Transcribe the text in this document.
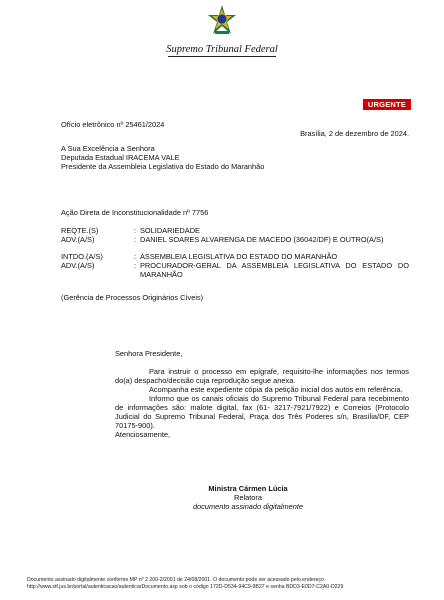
Supremo Tribunal Federal
URGENTE
Ofício eletrônico nº 25461/2024
Brasília, 2 de dezembro de 2024.
A Sua Excelência a Senhora
Deputada Estadual IRACEMA VALE
Presidente da Assembleia Legislativa do Estado do Maranhão
Ação Direta de Inconstitucionalidade nº 7756
REQTE.(S)	: SOLIDARIEDADE
ADV.(A/S)	: DANIEL SOARES ALVARENGA DE MACEDO (36042/DF) E OUTRO(A/S)
INTDO.(A/S)	: ASSEMBLEIA LEGISLATIVA DO ESTADO DO MARANHÃO
ADV.(A/S)	: PROCURADOR-GERAL DA ASSEMBLEIA LEGISLATIVA DO ESTADO DO MARANHÃO
(Gerência de Processos Originários Cíveis)
Senhora Presidente,
Para instruir o processo em epígrafe, requisito-lhe informações nos termos do(a) despacho/decisão cuja reprodução segue anexa.
Acompanha este expediente cópia da petição inicial dos autos em referência.
Informo que os canais oficiais do Supremo Tribunal Federal para recebimento de informações são: malote digital, fax (61- 3217-7921/7922) e Correios (Protocolo Judicial do Supremo Tribunal Federal, Praça dos Três Poderes s/n, Brasília/DF, CEP 70175-900).
Atenciosamente,
Ministra Cármen Lúcia
Relatora
documento assinado digitalmente
Documento assinado digitalmente conforme MP nº 2.200-2/2001 de 24/08/2001. O documento pode ser acessado pelo endereço
http://www.stf.jus.br/portal/autenticacao/autenticarDocumento.asp sob o código 172D-D534-94C9-9B27 e senha BDD3-E0D7-C2A0-D229
